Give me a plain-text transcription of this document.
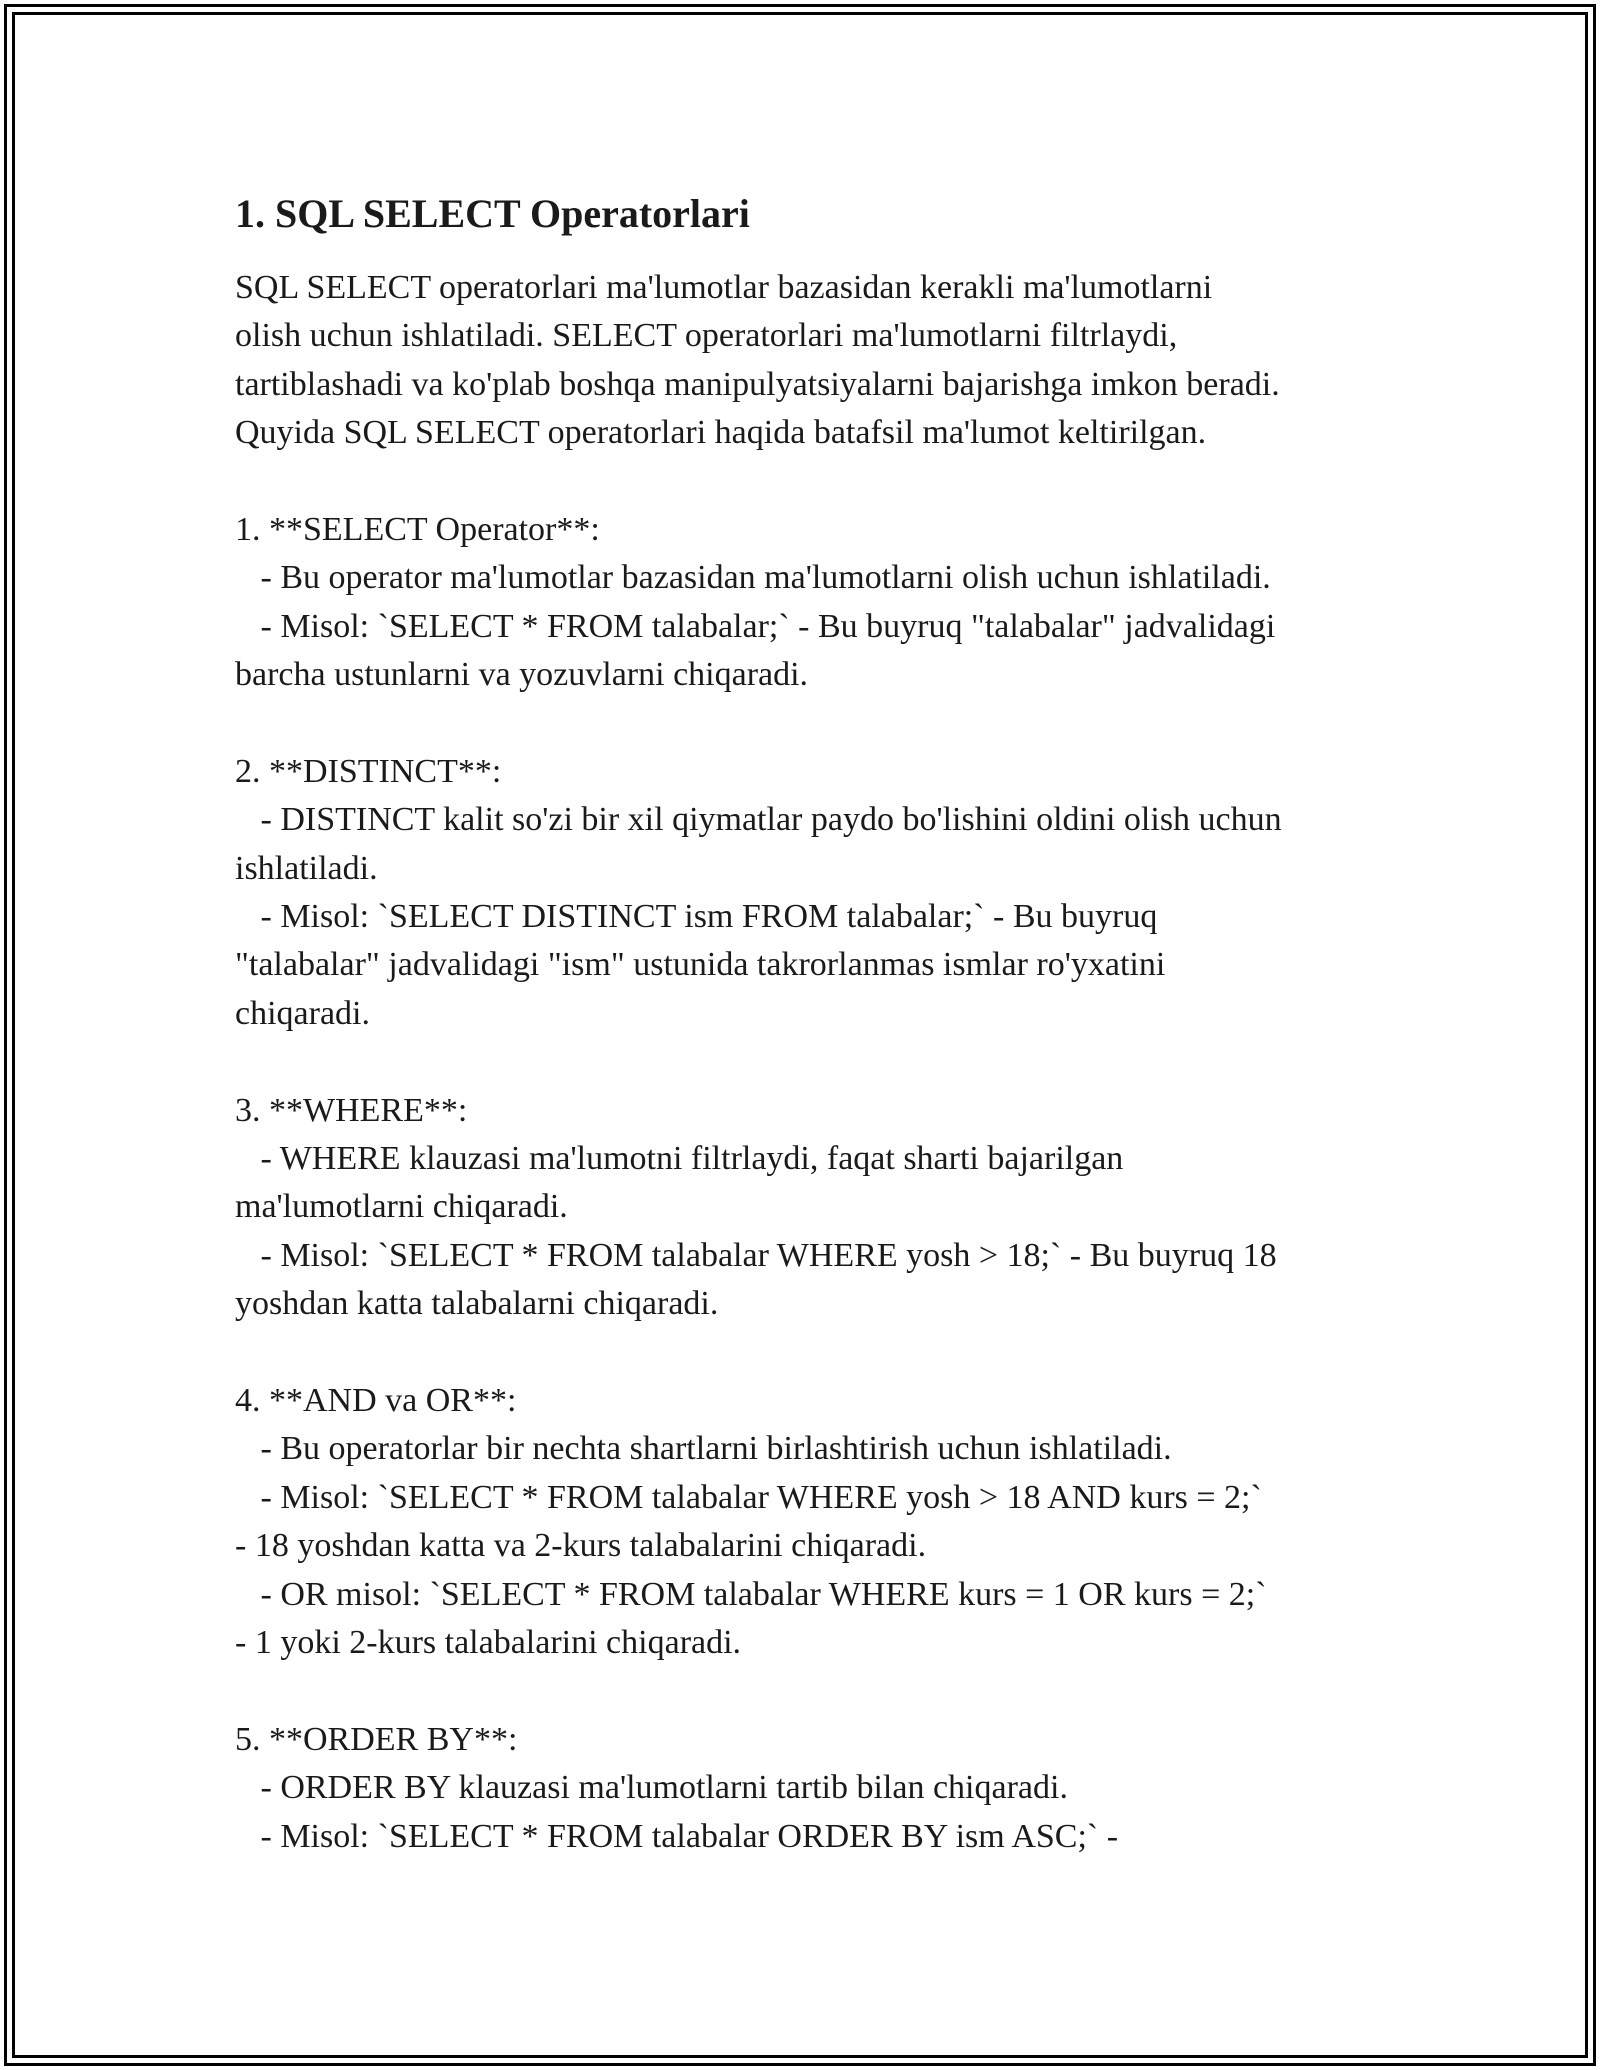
1. SQL SELECT Operatorlari
SQL SELECT operatorlari ma'lumotlar bazasidan kerakli ma'lumotlarni
olish uchun ishlatiladi. SELECT operatorlari ma'lumotlarni filtrlaydi,
tartiblashadi va ko'plab boshqa manipulyatsiyalarni bajarishga imkon beradi.
Quyida SQL SELECT operatorlari haqida batafsil ma'lumot keltirilgan.
1. **SELECT Operator**:
- Bu operator ma'lumotlar bazasidan ma'lumotlarni olish uchun ishlatiladi.
- Misol: `SELECT * FROM talabalar;` - Bu buyruq "talabalar" jadvalidagi
barcha ustunlarni va yozuvlarni chiqaradi.
2. **DISTINCT**:
- DISTINCT kalit so'zi bir xil qiymatlar paydo bo'lishini oldini olish uchun
ishlatiladi.
- Misol: `SELECT DISTINCT ism FROM talabalar;` - Bu buyruq
"talabalar" jadvalidagi "ism" ustunida takrorlanmas ismlar ro'yxatini
chiqaradi.
3. **WHERE**:
- WHERE klauzasi ma'lumotni filtrlaydi, faqat sharti bajarilgan
ma'lumotlarni chiqaradi.
- Misol: `SELECT * FROM talabalar WHERE yosh > 18;` - Bu buyruq 18
yoshdan katta talabalarni chiqaradi.
4. **AND va OR**:
- Bu operatorlar bir nechta shartlarni birlashtirish uchun ishlatiladi.
- Misol: `SELECT * FROM talabalar WHERE yosh > 18 AND kurs = 2;`
- 18 yoshdan katta va 2-kurs talabalarini chiqaradi.
- OR misol: `SELECT * FROM talabalar WHERE kurs = 1 OR kurs = 2;`
- 1 yoki 2-kurs talabalarini chiqaradi.
5. **ORDER BY**:
- ORDER BY klauzasi ma'lumotlarni tartib bilan chiqaradi.
- Misol: `SELECT * FROM talabalar ORDER BY ism ASC;` -
